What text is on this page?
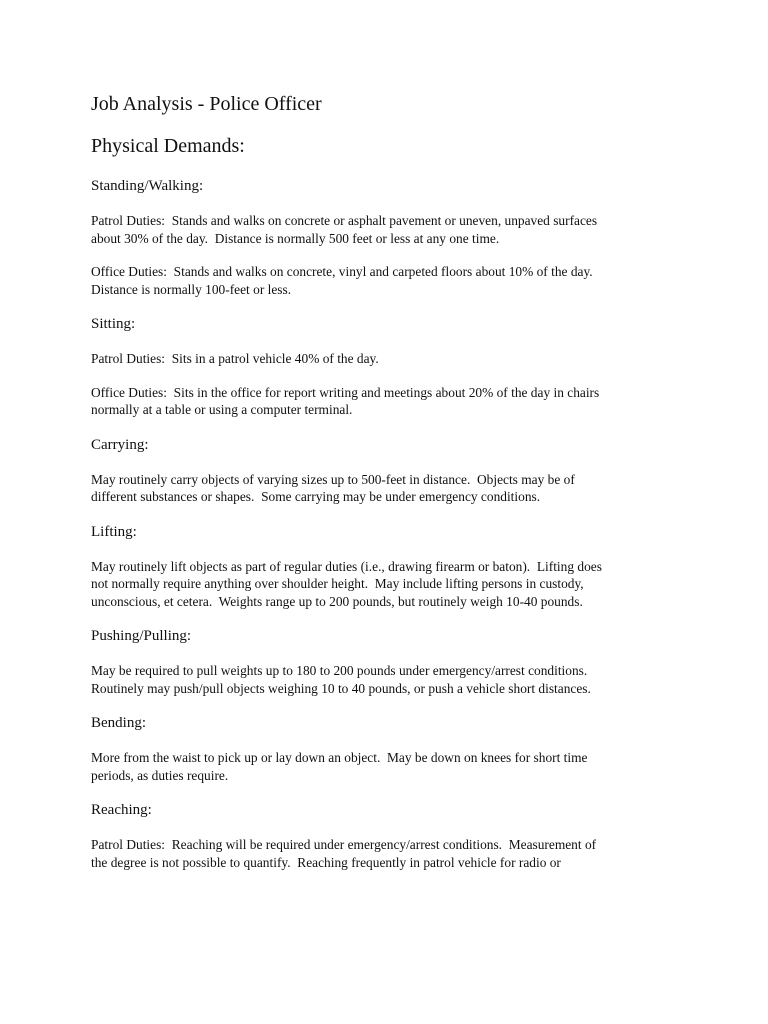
Job Analysis - Police Officer
Physical Demands:
Standing/Walking:

Patrol Duties:  Stands and walks on concrete or asphalt pavement or uneven, unpaved surfaces
about 30% of the day.  Distance is normally 500 feet or less at any one time.

Office Duties:  Stands and walks on concrete, vinyl and carpeted floors about 10% of the day.
Distance is normally 100-feet or less.

Sitting:

Patrol Duties:  Sits in a patrol vehicle 40% of the day.

Office Duties:  Sits in the office for report writing and meetings about 20% of the day in chairs
normally at a table or using a computer terminal.

Carrying:

May routinely carry objects of varying sizes up to 500-feet in distance.  Objects may be of
different substances or shapes.  Some carrying may be under emergency conditions.

Lifting:

May routinely lift objects as part of regular duties (i.e., drawing firearm or baton).  Lifting does
not normally require anything over shoulder height.  May include lifting persons in custody,
unconscious, et cetera.  Weights range up to 200 pounds, but routinely weigh 10-40 pounds.

Pushing/Pulling:

May be required to pull weights up to 180 to 200 pounds under emergency/arrest conditions.
Routinely may push/pull objects weighing 10 to 40 pounds, or push a vehicle short distances.

Bending:

More from the waist to pick up or lay down an object.  May be down on knees for short time
periods, as duties require.

Reaching:

Patrol Duties:  Reaching will be required under emergency/arrest conditions.  Measurement of
the degree is not possible to quantify.  Reaching frequently in patrol vehicle for radio or
